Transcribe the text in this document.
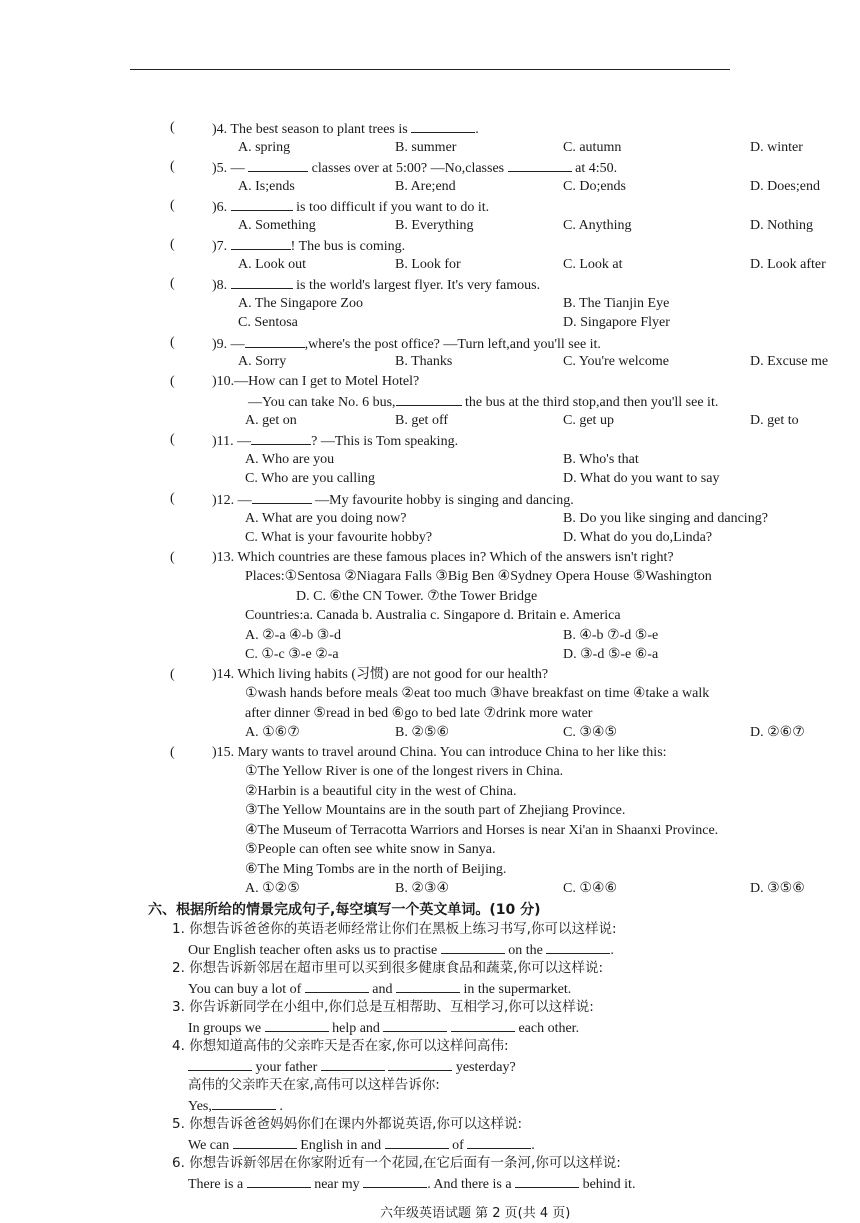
(	)4. The best season to plant trees is	.
A. spring	B. summer	C. autumn	D. winter
(	)5. —	classes over at 5:00? —No,classes	at 4:50.
A. Is;ends	B. Are;end	C. Do;ends	D. Does;end
(	)6.	is too difficult if you want to do it.
A. Something	B. Everything	C. Anything	D. Nothing
(	)7.	! The bus is coming.
A. Look out	B. Look for	C. Look at	D. Look after
(	)8.	is the world's largest flyer. It's very famous.
A. The Singapore Zoo	B. The Tianjin Eye
C. Sentosa	D. Singapore Flyer
(	)9. —	,where's the post office? —Turn left,and you'll see it.
A. Sorry	B. Thanks	C. You're welcome	D. Excuse me
(	)10.—How can I get to Motel Hotel?
—You can take No. 6 bus,	the bus at the third stop,and then you'll see it.
A. get on	B. get off	C. get up	D. get to
(	)11. —	? —This is Tom speaking.
A. Who are you	B. Who's that
C. Who are you calling	D. What do you want to say
(	)12. —	—My favourite hobby is singing and dancing.
A. What are you doing now?	B. Do you like singing and dancing?
C. What is your favourite hobby?	D. What do you do,Linda?
(	)13. Which countries are these famous places in? Which of the answers isn't right?
Places:①Sentosa ②Niagara Falls ③Big Ben ④Sydney Opera House ⑤Washington
D. C. ⑥the CN Tower. ⑦the Tower Bridge
Countries:a. Canada b. Australia c. Singapore d. Britain e. America
A. ②-a ④-b ③-d	B. ④-b ⑦-d ⑤-e
C. ①-c ③-e ②-a	D. ③-d ⑤-e ⑥-a
(	)14. Which living habits (习惯) are not good for our health?
①wash hands before meals ②eat too much ③have breakfast on time ④take a walk
after dinner ⑤read in bed ⑥go to bed late ⑦drink more water
A. ①⑥⑦	B. ②⑤⑥	C. ③④⑤	D. ②⑥⑦
(	)15. Mary wants to travel around China. You can introduce China to her like this:
①The Yellow River is one of the longest rivers in China.
②Harbin is a beautiful city in the west of China.
③The Yellow Mountains are in the south part of Zhejiang Province.
④The Museum of Terracotta Warriors and Horses is near Xi'an in Shaanxi Province.
⑤People can often see white snow in Sanya.
⑥The Ming Tombs are in the north of Beijing.
A. ①②⑤	B. ②③④	C. ①④⑥	D. ③⑤⑥
六、根据所给的情景完成句子,每空填写一个英文单词。(10 分)
1. 你想告诉爸爸你的英语老师经常让你们在黑板上练习书写,你可以这样说:
Our English teacher often asks us to practise	on the	.
2. 你想告诉新邻居在超市里可以买到很多健康食品和蔬菜,你可以这样说:
You can buy a lot of	and	in the supermarket.
3. 你告诉新同学在小组中,你们总是互相帮助、互相学习,你可以这样说:
In groups we	help and	each other.
4. 你想知道高伟的父亲昨天是否在家,你可以这样问高伟:
your father	yesterday?
高伟的父亲昨天在家,高伟可以这样告诉你:
Yes,	.
5. 你想告诉爸爸妈妈你们在课内外都说英语,你可以这样说:
We can	English in and	of	.
6. 你想告诉新邻居在你家附近有一个花园,在它后面有一条河,你可以这样说:
There is a	near my	. And there is a	behind it.
六年级英语试题 第 2 页(共 4 页)
